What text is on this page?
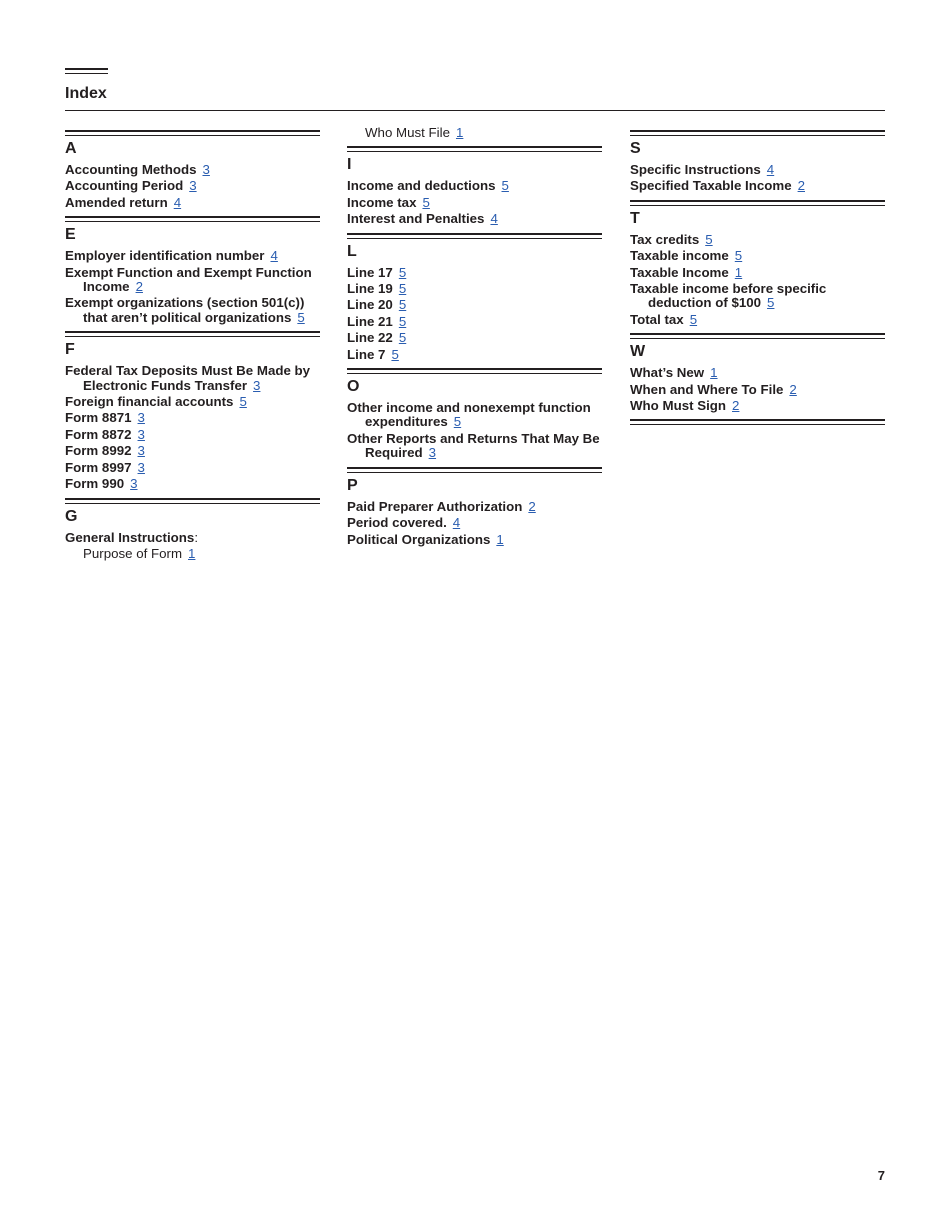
Index
A
Accounting Methods 3
Accounting Period 3
Amended return 4
E
Employer identification number 4
Exempt Function and Exempt Function Income 2
Exempt organizations (section 501(c)) that aren’t political organizations 5
F
Federal Tax Deposits Must Be Made by Electronic Funds Transfer 3
Foreign financial accounts 5
Form 8871 3
Form 8872 3
Form 8992 3
Form 8997 3
Form 990 3
G
General Instructions:
Purpose of Form 1
Who Must File 1
I
Income and deductions 5
Income tax 5
Interest and Penalties 4
L
Line 17 5
Line 19 5
Line 20 5
Line 21 5
Line 22 5
Line 7 5
O
Other income and nonexempt function expenditures 5
Other Reports and Returns That May Be Required 3
P
Paid Preparer Authorization 2
Period covered. 4
Political Organizations 1
S
Specific Instructions 4
Specified Taxable Income 2
T
Tax credits 5
Taxable income 5
Taxable Income 1
Taxable income before specific deduction of $100 5
Total tax 5
W
What’s New 1
When and Where To File 2
Who Must Sign 2
7
